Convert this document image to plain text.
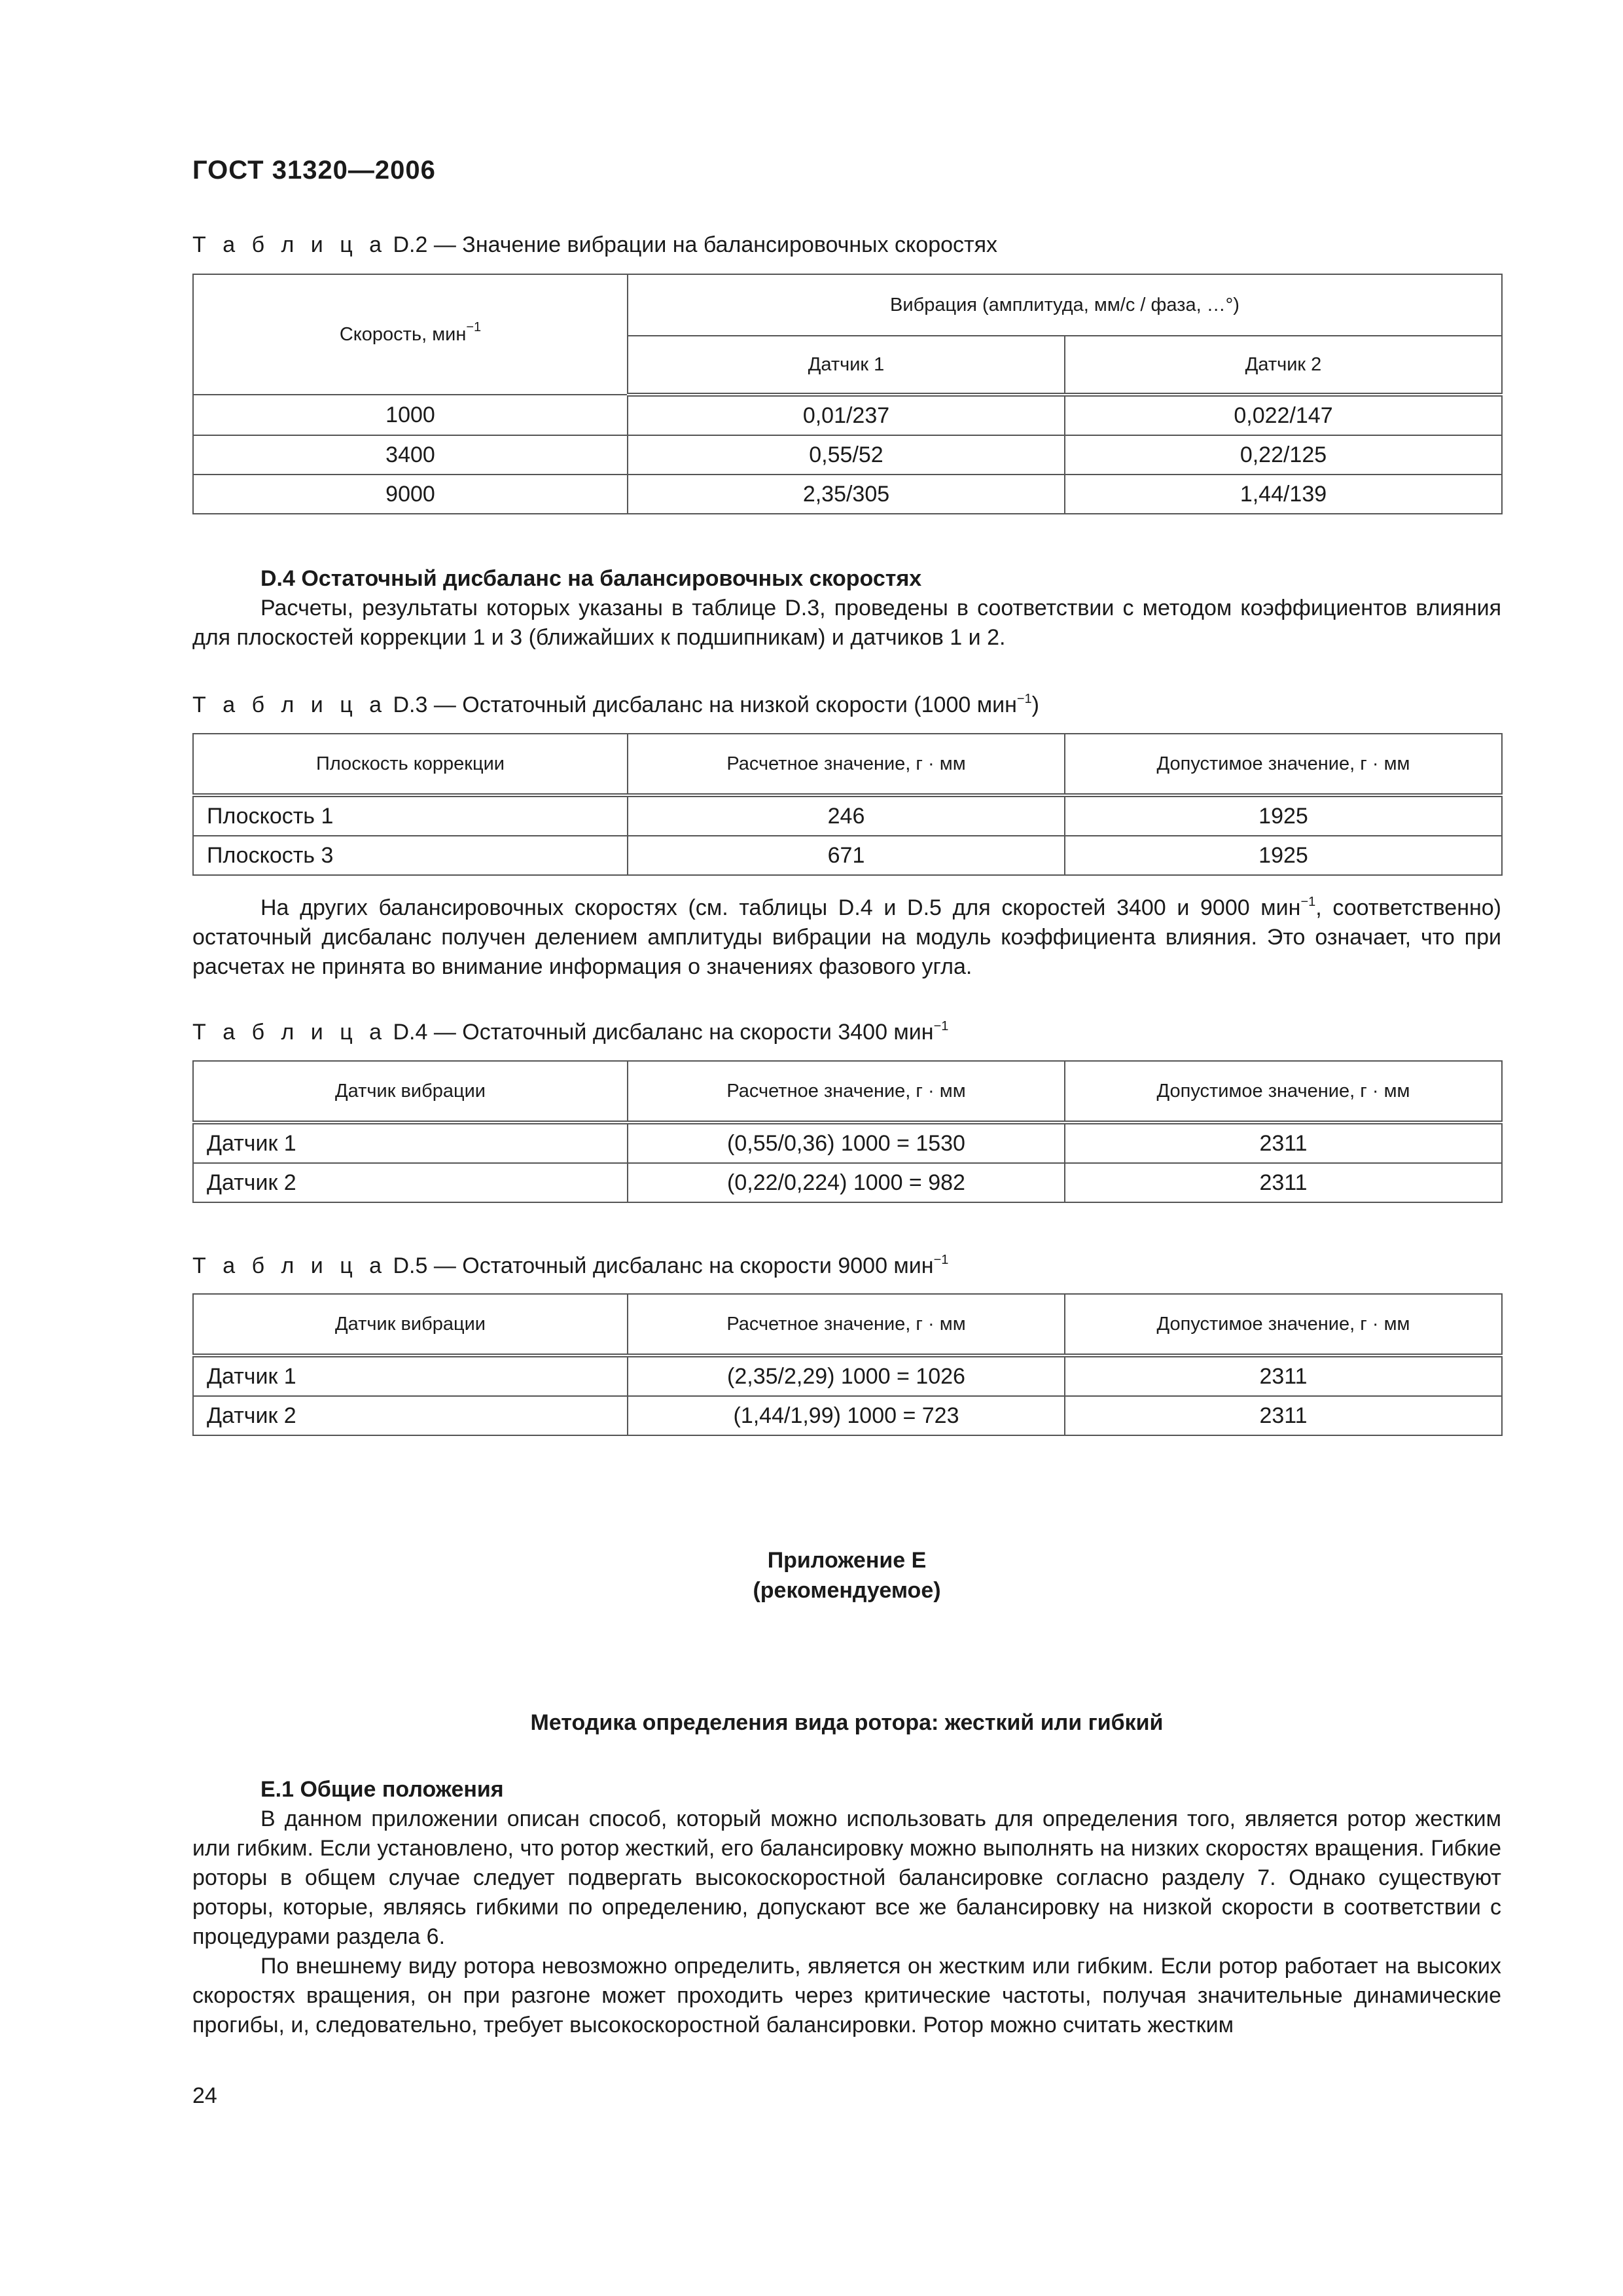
ГОСТ 31320—2006
Т а б л и ц а D.2 — Значение вибрации на балансировочных скоростях
Скорость, мин$^{-1}$	Вибрация (амплитуда, мм/с / фаза, …°)	
	Датчик 1	Датчик 2
1000	0,01/237	0,022/147
3400	0,55/52	0,22/125
9000	2,35/305	1,44/139
D.4 Остаточный дисбаланс на балансировочных скоростях
Расчеты, результаты которых указаны в таблице D.3, проведены в соответствии с методом коэффициентов влияния для плоскостей коррекции 1 и 3 (ближайших к подшипникам) и датчиков 1 и 2.
Т а б л и ц а D.3 — Остаточный дисбаланс на низкой скорости (1000 мин$^{-1}$)
Плоскость коррекции	Расчетное значение, г · мм	Допустимое значение, г · мм
Плоскость 1	246	1925
Плоскость 3	671	1925
На других балансировочных скоростях (см. таблицы D.4 и D.5 для скоростей 3400 и 9000 мин$^{-1}$, соответственно) остаточный дисбаланс получен делением амплитуды вибрации на модуль коэффициента влияния. Это означает, что при расчетах не принята во внимание информация о значениях фазового угла.
Т а б л и ц а D.4 — Остаточный дисбаланс на скорости 3400 мин$^{-1}$
Датчик вибрации	Расчетное значение, г · мм	Допустимое значение, г · мм
Датчик 1	(0,55/0,36) 1000 = 1530	2311
Датчик 2	(0,22/0,224) 1000 = 982	2311
Т а б л и ц а D.5 — Остаточный дисбаланс на скорости 9000 мин$^{-1}$
Датчик вибрации	Расчетное значение, г · мм	Допустимое значение, г · мм
Датчик 1	(2,35/2,29) 1000 = 1026	2311
Датчик 2	(1,44/1,99) 1000 = 723	2311
Приложение Е
(рекомендуемое)
Методика определения вида ротора: жесткий или гибкий
Е.1 Общие положения
В данном приложении описан способ, который можно использовать для определения того, является ротор жестким или гибким. Если установлено, что ротор жесткий, его балансировку можно выполнять на низких скоростях вращения. Гибкие роторы в общем случае следует подвергать высокоскоростной балансировке согласно разделу 7. Однако существуют роторы, которые, являясь гибкими по определению, допускают все же балансировку на низкой скорости в соответствии с процедурами раздела 6.
По внешнему виду ротора невозможно определить, является он жестким или гибким. Если ротор работает на высоких скоростях вращения, он при разгоне может проходить через критические частоты, получая значительные динамические прогибы, и, следовательно, требует высокоскоростной балансировки. Ротор можно считать жестким
24
